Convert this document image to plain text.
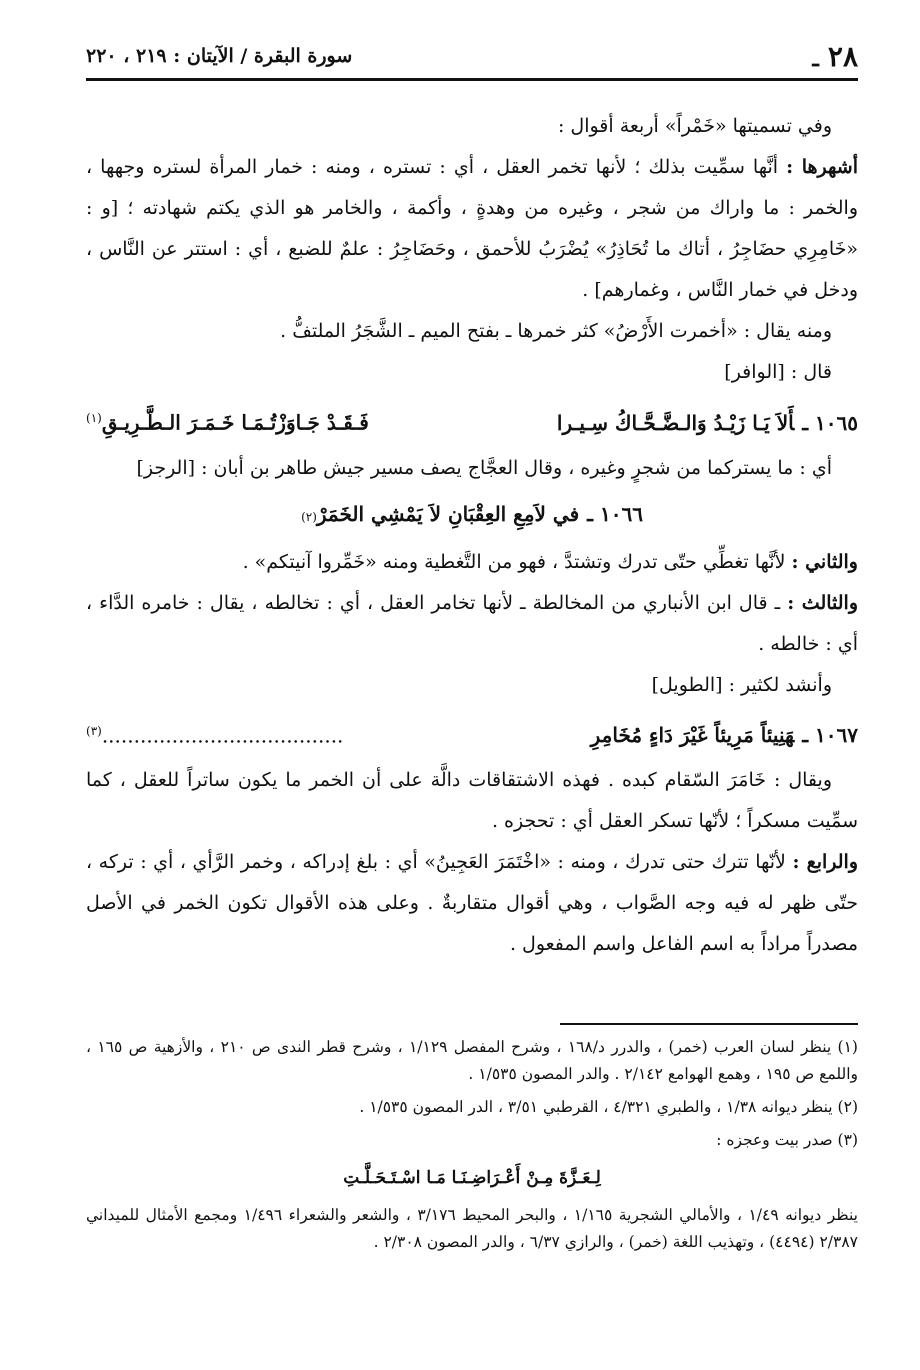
٢٨ ـ
سورة البقرة / الآيتان : ٢١٩ ، ٢٢٠

وفي تسميتها «خَمْراً» أربعة أقوال :

أشهرها : أنَّها سمِّيت بذلك ؛ لأنها تخمر العقل ، أي : تستره ، ومنه : خمار المرأة لستره وجهها ، والخمر : ما واراك من شجر ، وغيره من وهدةٍ ، وأكمة ، والخامر هو الذي يكتم شهادته ؛ [و : «خَامِرِي حضَاجِرُ ، أتاك ما تُحَاذِرُ» يُضْرَبُ للأحمق ، وحَضَاجِرُ : علمٌ للضبع ، أي : استتر عن النَّاس ، ودخل في خمار النَّاس ، وغمارهم] .

ومنه يقال : «أخمرت الأَرْضُ» كثر خمرها ـ بفتح الميم ـ الشَّجَرُ الملتفُّ .

قال : [الوافر]

١٠٦٥ ـأَلاَ يَـا زَيْـدُ وَالـضَّـحَّـاكُ سِـيـرا
فَـقَـدْ جَـاوَزْتُـمَـا خَـمَـرَ الـطَّـرِيـقِ$^{(١)}$

أي : ما يستركما من شجرٍ وغيره ، وقال العجَّاج يصف مسير جيش طاهر بن أبان : [الرجز]

١٠٦٦ ـ
في لاَمِعِ العِقْبَانِ لاَ يَمْشِي الخَمَرْ
(٢)

والثاني : لأنَّها تغطِّي حتّى تدرك وتشتدَّ ، فهو من التَّغطية ومنه «خَمِّروا آنيتكم» .

والثالث : ـ قال ابن الأنباري من المخالطة ـ لأنها تخامر العقل ، أي : تخالطه ، يقال : خامره الدَّاء ، أي : خالطه .

وأنشد لكثير : [الطويل]

١٠٦٧ ـهَنِيئاً مَرِيئاً غَيْرَ دَاءٍ مُخَامِرِ
......................................$^{(٣)}$

ويقال : خَامَرَ السّقام كبده . فهذه الاشتقاقات دالَّة على أن الخمر ما يكون ساتراً للعقل ، كما سمِّيت مسكراً ؛ لأنّها تسكر العقل أي : تحجزه .

والرابع : لأنّها تترك حتى تدرك ، ومنه : «اخْتَمَرَ العَجِينُ» أي : بلغ إدراكه ، وخمر الرَّأي ، أي : تركه ، حتّى ظهر له فيه وجه الصَّواب ، وهي أقوال متقاربةٌ . وعلى هذه الأقوال تكون الخمر في الأصل مصدراً مراداً به اسم الفاعل واسم المفعول .

(١) ينظر لسان العرب (خمر) ، والدرر د/١٦٨ ، وشرح المفصل ١/١٢٩ ، وشرح قطر الندى ص ٢١٠ ، والأزهية ص ١٦٥ ، واللمع ص ١٩٥ ، وهمع الهوامع ٢/١٤٢ . والدر المصون ١/٥٣٥ .

(٢) ينظر ديوانه ١/٣٨ ، والطبري ٤/٣٢١ ، القرطبي ٣/٥١ ، الدر المصون ١/٥٣٥ .

(٣) صدر بيت وعجزه :

لِـعَـزَّةَ مِـنْ أَعْـرَاضِـنَـا مَـا اسْـتَـحَـلَّـتِ

ينظر ديوانه ١/٤٩ ، والأمالي الشجرية ١/١٦٥ ، والبحر المحيط ٣/١٧٦ ، والشعر والشعراء ١/٤٩٦ ومجمع الأمثال للميداني ٢/٣٨٧ (٤٤٩٤) ، وتهذيب اللغة (خمر) ، والرازي ٦/٣٧ ، والدر المصون ٢/٣٠٨ .
